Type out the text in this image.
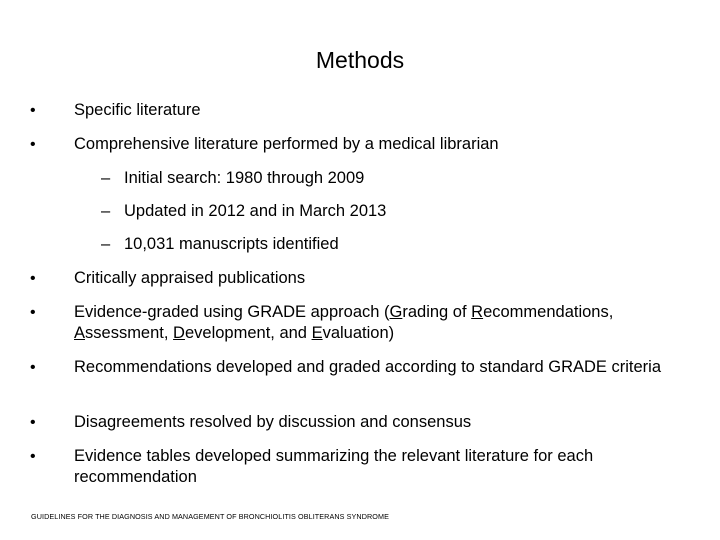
Methods
•	Specific literature
•	Comprehensive literature performed by a medical librarian
– Initial search: 1980 through 2009
– Updated in 2012 and in March 2013
– 10,031 manuscripts identified
•	Critically appraised publications
•	Evidence-graded using GRADE approach (Grading of Recommendations, Assessment, Development, and Evaluation)
•	Recommendations developed and graded according to standard GRADE criteria
•	Disagreements resolved by discussion and consensus
•	Evidence tables developed summarizing the relevant literature for each recommendation
GUIDELINES FOR THE DIAGNOSIS AND MANAGEMENT OF BRONCHIOLITIS OBLITERANS SYNDROME
